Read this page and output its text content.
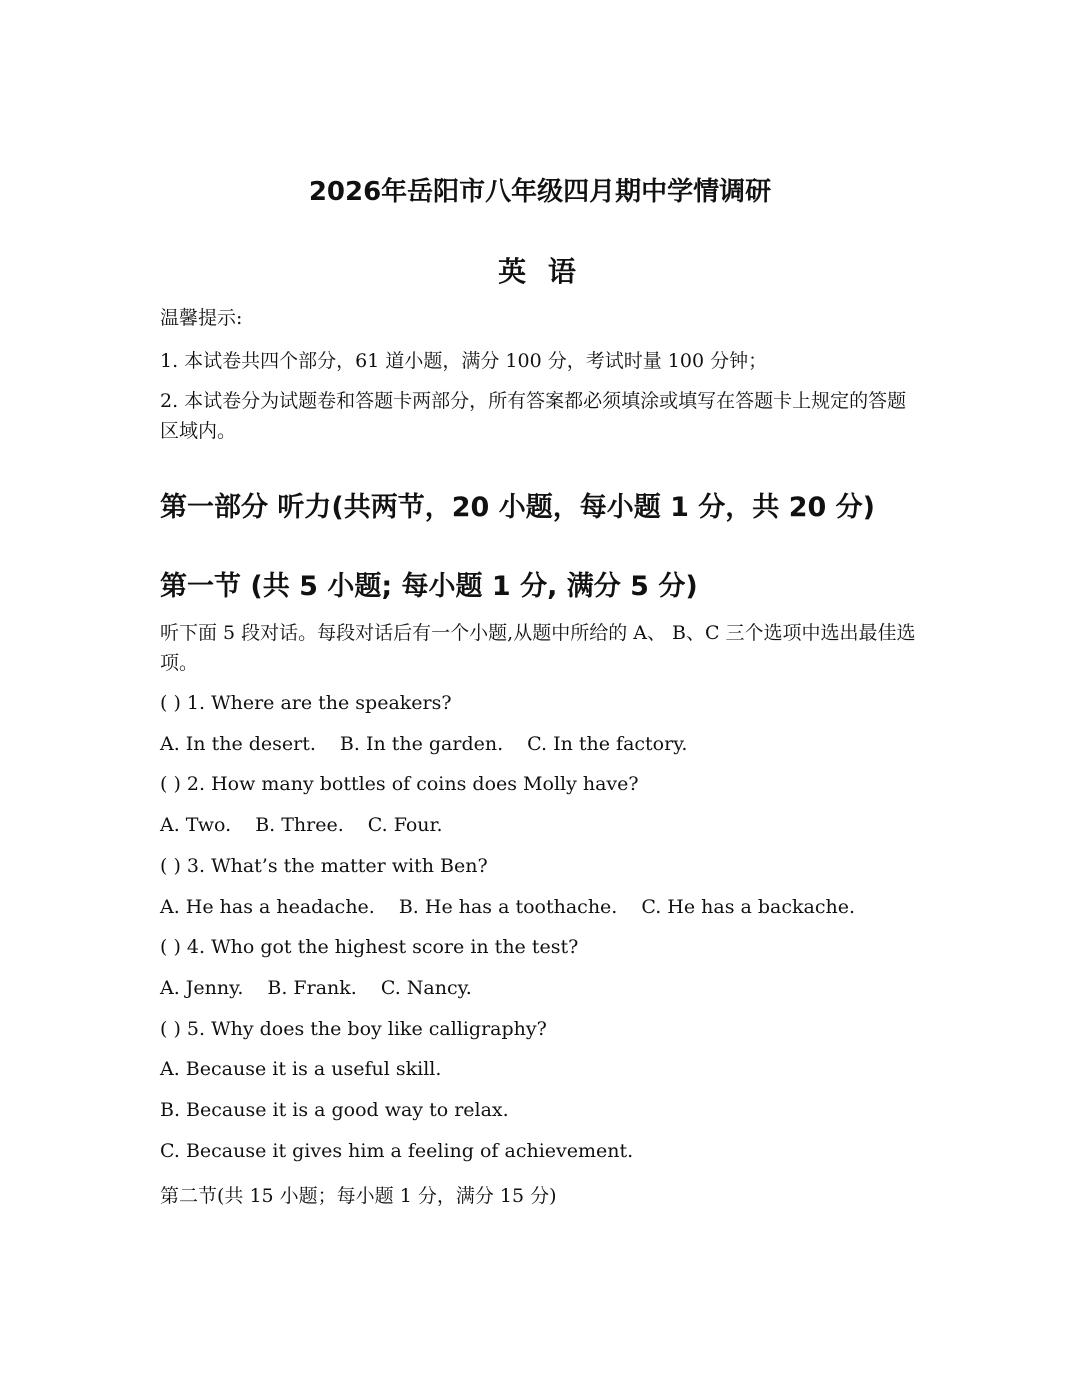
2026年岳阳市八年级四月期中学情调研
英 语
温馨提示:
1. 本试卷共四个部分，61 道小题，满分 100 分，考试时量 100 分钟；
2. 本试卷分为试题卷和答题卡两部分，所有答案都必须填涂或填写在答题卡上规定的答题区域内。
第一部分 听力(共两节，20 小题，每小题 1 分，共 20 分)
第一节 (共 5 小题; 每小题 1 分, 满分 5 分)
听下面 5 段对话。每段对话后有一个小题,从题中所给的 A、 B、C 三个选项中选出最佳选项。
( ) 1. Where are the speakers?
A. In the desert. B. In the garden. C. In the factory.
( ) 2. How many bottles of coins does Molly have?
A. Two. B. Three. C. Four.
( ) 3. What’s the matter with Ben?
A. He has a headache. B. He has a toothache. C. He has a backache.
( ) 4. Who got the highest score in the test?
A. Jenny. B. Frank. C. Nancy.
( ) 5. Why does the boy like calligraphy?
A. Because it is a useful skill.
B. Because it is a good way to relax.
C. Because it gives him a feeling of achievement.
第二节(共 15 小题；每小题 1 分，满分 15 分)
